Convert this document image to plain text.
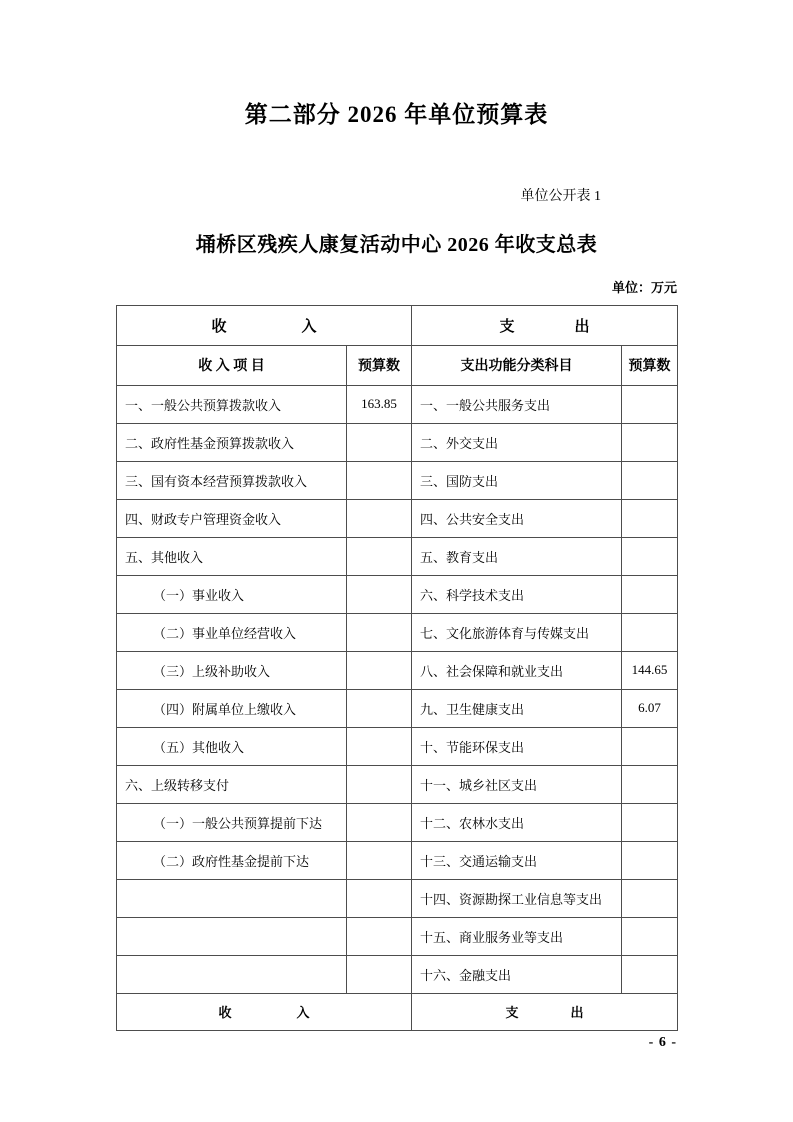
第二部分 2026 年单位预算表
单位公开表 1
埇桥区残疾人康复活动中心 2026 年收支总表
单位：万元
收　　　　　入		支　　　　出	
收 入 项 目	预算数	支出功能分类科目	预算数
一、一般公共预算拨款收入	163.85	一、一般公共服务支出	
二、政府性基金预算拨款收入		二、外交支出	
三、国有资本经营预算拨款收入		三、国防支出	
四、财政专户管理资金收入		四、公共安全支出	
五、其他收入		五、教育支出	
（一）事业收入		六、科学技术支出	
（二）事业单位经营收入		七、文化旅游体育与传媒支出	
（三）上级补助收入		八、社会保障和就业支出	144.65
（四）附属单位上缴收入		九、卫生健康支出	6.07
（五）其他收入		十、节能环保支出	
六、上级转移支付		十一、城乡社区支出	
（一）一般公共预算提前下达		十二、农林水支出	
（二）政府性基金提前下达		十三、交通运输支出	
		十四、资源勘探工业信息等支出	
		十五、商业服务业等支出	
		十六、金融支出	
收　　　　　入		支　　　　出	
- 6 -
